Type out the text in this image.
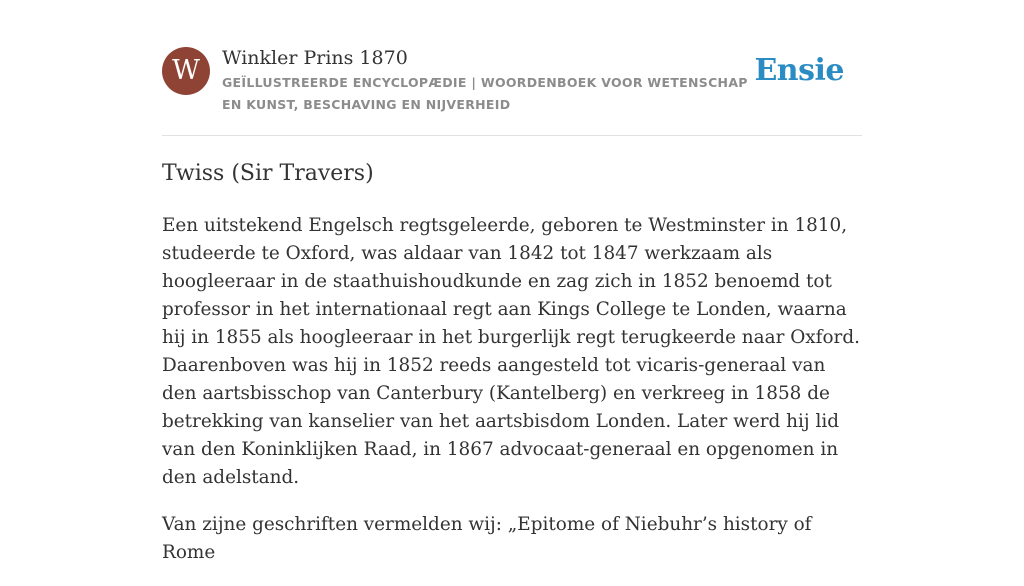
W	Winkler Prins 1870
GEÏLLUSTREERDE ENCYCLOPÆDIE | WOORDENBOEK VOOR WETENSCHAP EN KUNST, BESCHAVING EN NIJVERHEID
Ensie
Twiss (Sir Travers)

Een uitstekend Engelsch regtsgeleerde, geboren te Westminster in 1810, studeerde te Oxford, was aldaar van 1842 tot 1847 werkzaam als hoogleeraar in de staathuishoudkunde en zag zich in 1852 benoemd tot professor in het internationaal regt aan Kings College te Londen, waarna hij in 1855 als hoogleeraar in het burgerlijk regt terugkeerde naar Oxford. Daarenboven was hij in 1852 reeds aangesteld tot vicaris-generaal van den aartsbisschop van Canterbury (Kantelberg) en verkreeg in 1858 de betrekking van kanselier van het aartsbisdom Londen. Later werd hij lid van den Koninklijken Raad, in 1867 advocaat-generaal en opgenomen in den adelstand.

Van zijne geschriften vermelden wij: „Epitome of Niebuhr’s history of Rome
